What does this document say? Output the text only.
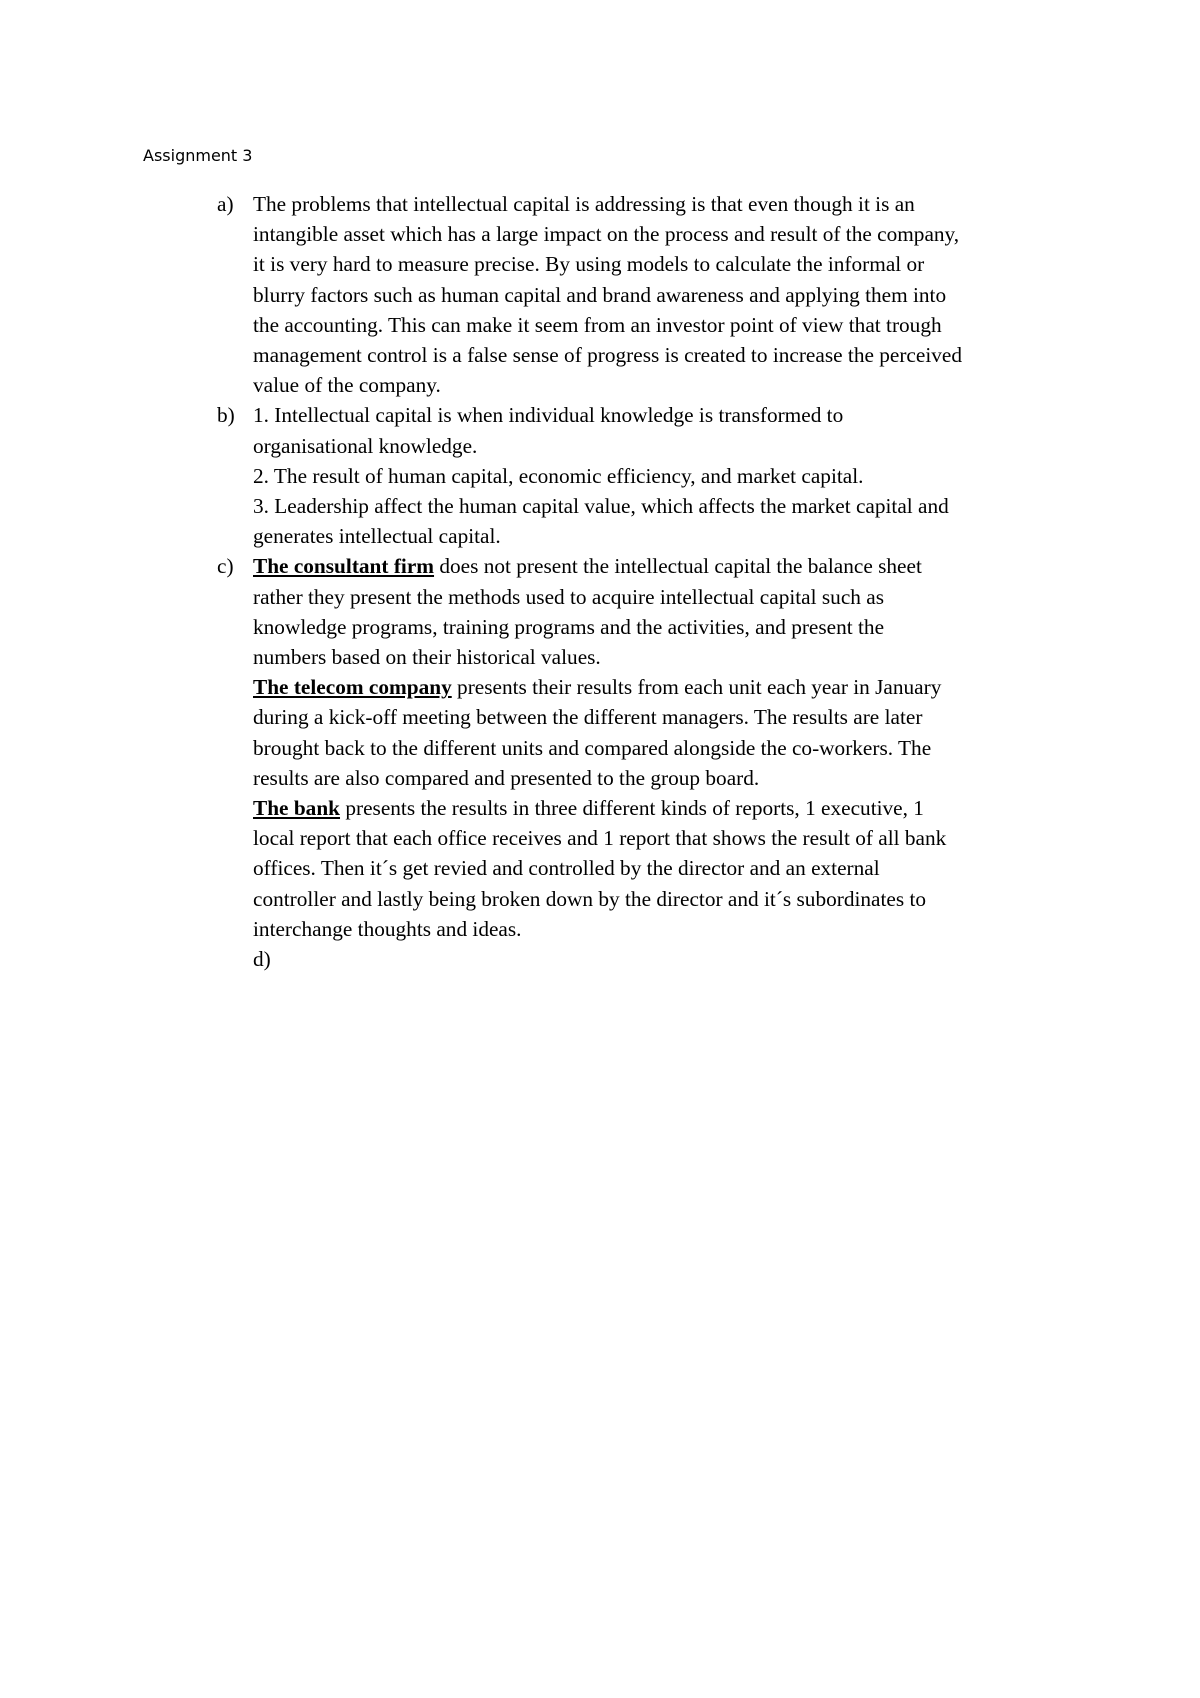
Assignment 3
a) The problems that intellectual capital is addressing is that even though it is an
intangible asset which has a large impact on the process and result of the company,
it is very hard to measure precise. By using models to calculate the informal or
blurry factors such as human capital and brand awareness and applying them into
the accounting. This can make it seem from an investor point of view that trough
management control is a false sense of progress is created to increase the perceived
value of the company.
b) 1. Intellectual capital is when individual knowledge is transformed to
organisational knowledge.
2. The result of human capital, economic efficiency, and market capital.
3. Leadership affect the human capital value, which affects the market capital and
generates intellectual capital.
c) The consultant firm does not present the intellectual capital the balance sheet
rather they present the methods used to acquire intellectual capital such as
knowledge programs, training programs and the activities, and present the
numbers based on their historical values.
The telecom company presents their results from each unit each year in January
during a kick-off meeting between the different managers. The results are later
brought back to the different units and compared alongside the co-workers. The
results are also compared and presented to the group board.
The bank presents the results in three different kinds of reports, 1 executive, 1
local report that each office receives and 1 report that shows the result of all bank
offices. Then it´s get revied and controlled by the director and an external
controller and lastly being broken down by the director and it´s subordinates to
interchange thoughts and ideas.
d)
